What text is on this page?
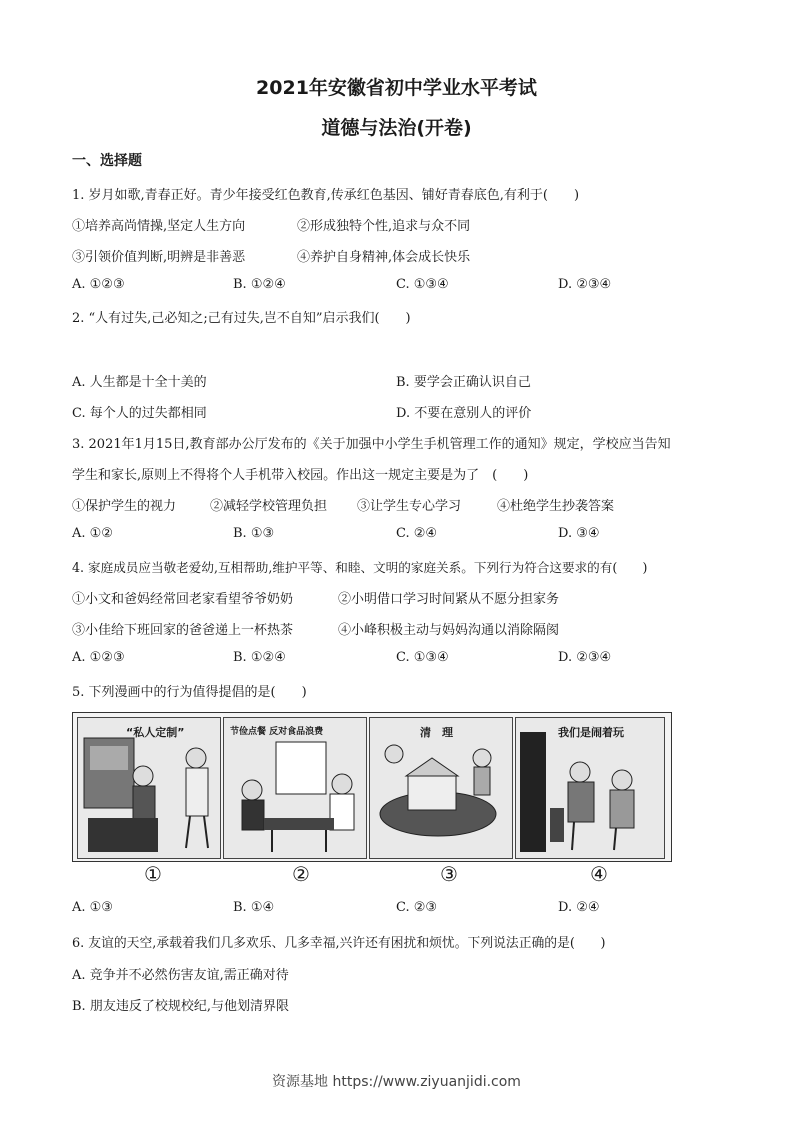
2021年安徽省初中学业水平考试
道德与法治(开卷)
一、选择题
1. 岁月如歌,青春正好。青少年接受红色教育,传承红色基因、铺好青春底色,有利于(　　)
①培养高尚情操,坚定人生方向	②形成独特个性,追求与众不同
③引领价值判断,明辨是非善恶	④养护自身精神,体会成长快乐
A. ①②③	B. ①②④	C. ①③④	D. ②③④
2. “人有过失,己必知之;己有过失,岂不自知”启示我们(　　)
A. 人生都是十全十美的	B. 要学会正确认识自己
C. 每个人的过失都相同	D. 不要在意别人的评价
3. 2021年1月15日,教育部办公厅发布的《关于加强中小学生手机管理工作的通知》规定，学校应当告知
学生和家长,原则上不得将个人手机带入校园。作出这一规定主要是为了　(　　)
①保护学生的视力	②减轻学校管理负担 ③让学生专心学习	④杜绝学生抄袭答案
A. ①②	B. ①③	C. ②④	D. ③④
4. 家庭成员应当敬老爱幼,互相帮助,维护平等、和睦、文明的家庭关系。下列行为符合这要求的有(　　)
①小文和爸妈经常回老家看望爷爷奶奶	②小明借口学习时间紧从不愿分担家务
③小佳给下班回家的爸爸递上一杯热茶	④小峰积极主动与妈妈沟通以消除隔阂
A. ①②③	B. ①②④	C. ①③④	D. ②③④
5. 下列漫画中的行为值得提倡的是(　　)
“私人定制”	节俭点餐 反对食品浪费	清　理	我们是闹着玩
①	②	③	④
A. ①③	B. ①④	C. ②③	D. ②④
6. 友谊的天空,承载着我们几多欢乐、几多幸福,兴许还有困扰和烦忧。下列说法正确的是(　　)
A. 竞争并不必然伤害友谊,需正确对待
B. 朋友违反了校规校纪,与他划清界限
资源基地 https://www.ziyuanjidi.com
